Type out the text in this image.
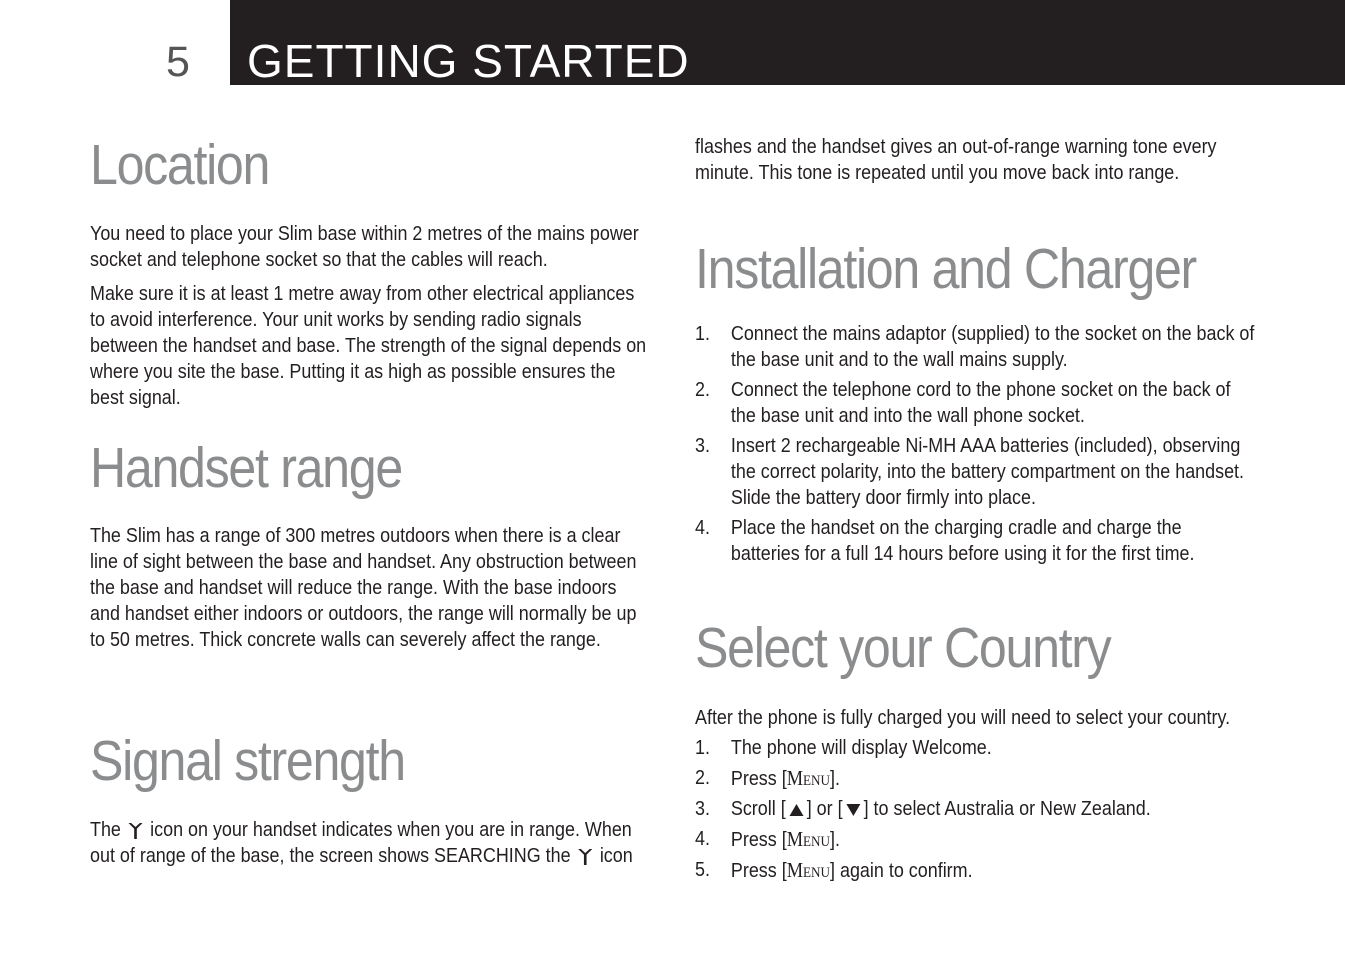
5 GETTING STARTED
Location

You need to place your Slim base within 2 metres of the mains power socket and telephone socket so that the cables will reach.

Make sure it is at least 1 metre away from other electrical appliances to avoid interference. Your unit works by sending radio signals between the handset and base. The strength of the signal depends on where you site the base. Putting it as high as possible ensures the best signal.

Handset range

The Slim has a range of 300 metres outdoors when there is a clear line of sight between the base and handset. Any obstruction between the base and handset will reduce the range. With the base indoors and handset either indoors or outdoors, the range will normally be up to 50 metres. Thick concrete walls can severely affect the range.

Signal strength

The icon on your handset indicates when you are in range. When out of range of the base, the screen shows SEARCHING the icon

flashes and the handset gives an out-of-range warning tone every minute. This tone is repeated until you move back into range.

Installation and Charger
1. Connect the mains adaptor (supplied) to the socket on the back of the base unit and to the wall mains supply.
2. Connect the telephone cord to the phone socket on the back of the base unit and into the wall phone socket.
3. Insert 2 rechargeable Ni-MH AAA batteries (included), observing the correct polarity, into the battery compartment on the handset. Slide the battery door firmly into place.
4. Place the handset on the charging cradle and charge the batteries for a full 14 hours before using it for the first time.
Select your Country

After the phone is fully charged you will need to select your country.

1. The phone will display Welcome.
2. Press [Menu].
3. Scroll [ ] or [ ] to select Australia or New Zealand.
4. Press [Menu].
5. Press [Menu] again to confirm.
